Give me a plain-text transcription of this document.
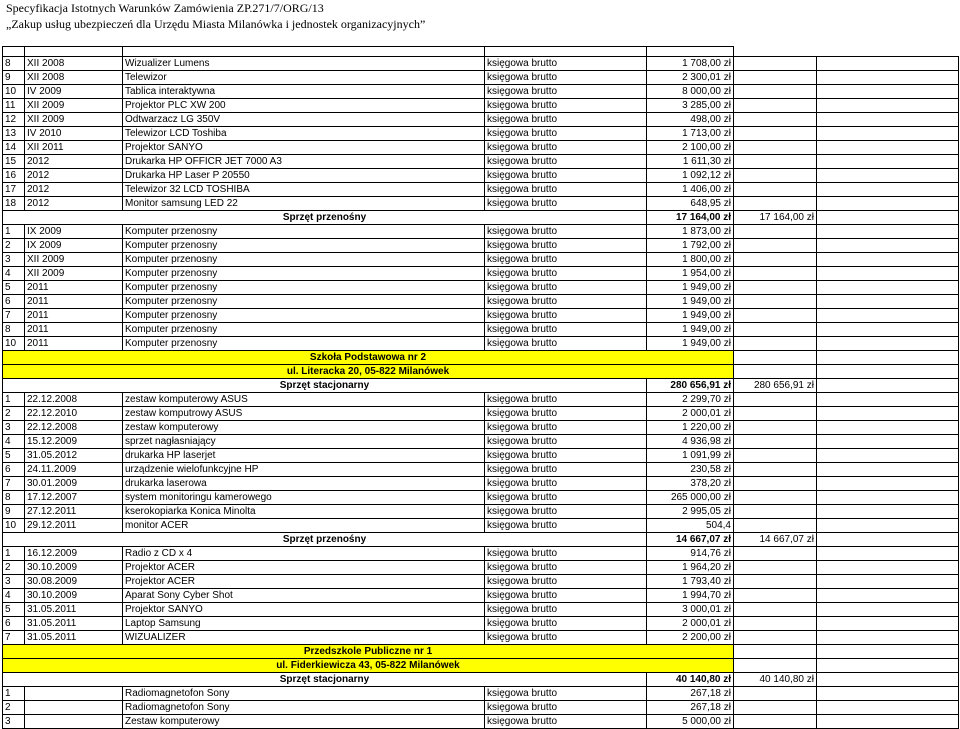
Specyfikacja Istotnych Warunków Zamówienia ZP.271/7/ORG/13

„Zakup usług ubezpieczeń dla Urzędu Miasta Milanówka i jednostek organizacyjnych”

8	XII 2008	Wizualizer Lumens	księgowa brutto	1 708,00 zł		
9	XII 2008	Telewizor	księgowa brutto	2 300,01 zł		
10	IV 2009	Tablica interaktywna	księgowa brutto	8 000,00 zł		
11	XII 2009	Projektor PLC XW 200	księgowa brutto	3 285,00 zł		
12	XII 2009	Odtwarzacz LG 350V	księgowa brutto	498,00 zł		
13	IV 2010	Telewizor LCD Toshiba	księgowa brutto	1 713,00 zł		
14	XII 2011	Projektor SANYO	księgowa brutto	2 100,00 zł		
15	2012	Drukarka HP OFFICR JET 7000 A3	księgowa brutto	1 611,30 zł		
16	2012	Drukarka HP Laser P 20550	księgowa brutto	1 092,12 zł		
17	2012	Telewizor 32 LCD TOSHIBA	księgowa brutto	1 406,00 zł		
18	2012	Monitor samsung LED 22	księgowa brutto	648,95 zł		
Sprzęt przenośny				17 164,00 zł	17 164,00 zł	
1	IX 2009	Komputer przenosny	księgowa brutto	1 873,00 zł		
2	IX 2009	Komputer przenosny	księgowa brutto	1 792,00 zł		
3	XII 2009	Komputer przenosny	księgowa brutto	1 800,00 zł		
4	XII 2009	Komputer przenosny	księgowa brutto	1 954,00 zł		
5	2011	Komputer przenosny	księgowa brutto	1 949,00 zł		
6	2011	Komputer przenosny	księgowa brutto	1 949,00 zł		
7	2011	Komputer przenosny	księgowa brutto	1 949,00 zł		
8	2011	Komputer przenosny	księgowa brutto	1 949,00 zł		
10	2011	Komputer przenosny	księgowa brutto	1 949,00 zł		
Szkoła Podstawowa nr 2						
ul. Literacka 20, 05-822 Milanówek						
Sprzęt stacjonarny				280 656,91 zł	280 656,91 zł	
1	22.12.2008	zestaw komputerowy ASUS	księgowa brutto	2 299,70 zł		
2	22.12.2010	zestaw komputrowy ASUS	księgowa brutto	2 000,01 zł		
3	22.12.2008	zestaw komputerowy	księgowa brutto	1 220,00 zł		
4	15.12.2009	sprzet nagłasniający	księgowa brutto	4 936,98 zł		
5	31.05.2012	drukarka HP laserjet	księgowa brutto	1 091,99 zł		
6	24.11.2009	urządzenie wielofunkcyjne HP	księgowa brutto	230,58 zł		
7	30.01.2009	drukarka laserowa	księgowa brutto	378,20 zł		
8	17.12.2007	system monitoringu kamerowego	księgowa brutto	265 000,00 zł		
9	27.12.2011	kserokopiarka Konica Minolta	księgowa brutto	2 995,05 zł		
10	29.12.2011	monitor ACER	księgowa brutto	504,4		
Sprzęt przenośny				14 667,07 zł	14 667,07 zł	
1	16.12.2009	Radio z CD x 4	księgowa brutto	914,76 zł		
2	30.10.2009	Projektor ACER	księgowa brutto	1 964,20 zł		
3	30.08.2009	Projektor ACER	księgowa brutto	1 793,40 zł		
4	30.10.2009	Aparat Sony Cyber Shot	księgowa brutto	1 994,70 zł		
5	31.05.2011	Projektor SANYO	księgowa brutto	3 000,01 zł		
6	31.05.2011	Laptop Samsung	księgowa brutto	2 000,01 zł		
7	31.05.2011	WIZUALIZER	księgowa brutto	2 200,00 zł		
Przedszkole Publiczne nr 1						
ul. Fiderkiewicza 43, 05-822 Milanówek						
Sprzęt stacjonarny				40 140,80 zł	40 140,80 zł	
1		Radiomagnetofon Sony	księgowa brutto	267,18 zł		
2		Radiomagnetofon Sony	księgowa brutto	267,18 zł		
3		Zestaw komputerowy	księgowa brutto	5 000,00 zł		
